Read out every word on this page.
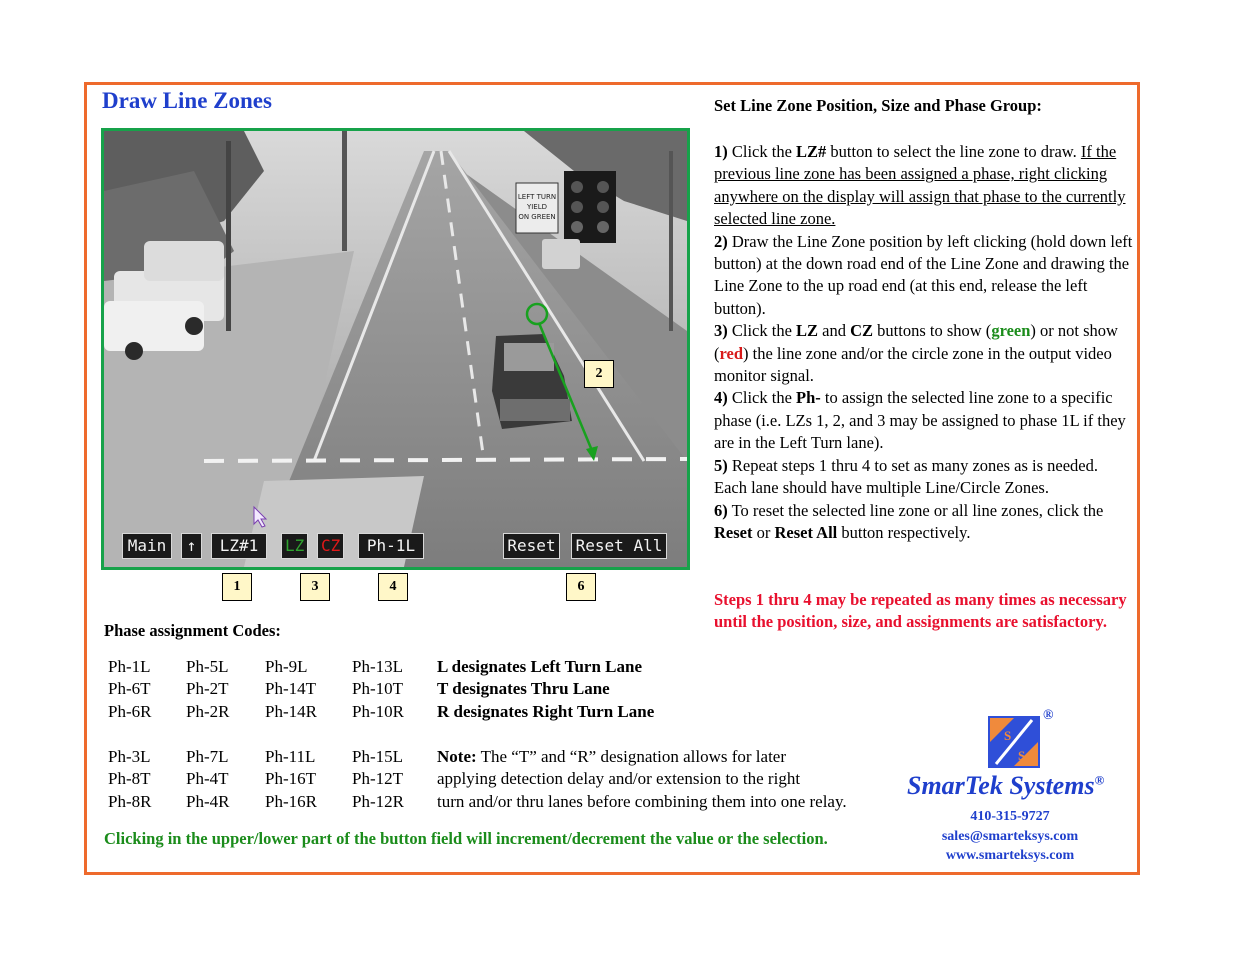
Draw Line Zones
LEFT TURN
YIELD
ON GREEN
Main	↑	LZ#1	LZ CZ	Ph-1L	Reset Reset All
2
1	3	4	6
Set Line Zone Position, Size and Phase Group:

1) Click the LZ# button to select the line zone to draw. If the previous line zone has been assigned a phase, right clicking anywhere on the display will assign that phase to the currently selected line zone.

2) Draw the Line Zone position by left clicking (hold down left button) at the down road end of the Line Zone and drawing the Line Zone to the up road end (at this end, release the left button).

3) Click the LZ and CZ buttons to show (green) or not show (red) the line zone and/or the circle zone in the output video monitor signal.

4) Click the Ph- to assign the selected line zone to a specific phase (i.e. LZs 1, 2, and 3 may be assigned to phase 1L if they are in the Left Turn lane).

5) Repeat steps 1 thru 4 to set as many zones as is needed. Each lane should have multiple Line/Circle Zones.

6) To reset the selected line zone or all line zones, click the Reset or Reset All button respectively.

Steps 1 thru 4 may be repeated as many times as necessary until the position, size, and assignments are satisfactory.
Phase assignment Codes:
Ph-1L Ph-5L Ph-9L	Ph-13L L designates Left Turn Lane
Ph-6T Ph-2T Ph-14T Ph-10T T designates Thru Lane
Ph-6R Ph-2R Ph-14R Ph-10R R designates Right Turn Lane
Ph-3L Ph-7L Ph-11L Ph-15L Note: The “T” and “R” designation allows for later
Ph-8T Ph-4T Ph-16T Ph-12T applying detection delay and/or extension to the right
Ph-8R Ph-4R Ph-16R Ph-12R turn and/or thru lanes before combining them into one relay.
Clicking in the upper/lower part of the button field will increment/decrement the value or the selection.
S
S
®
SmarTek Systems®
410-315-9727
sales@smarteksys.com
www.smarteksys.com
